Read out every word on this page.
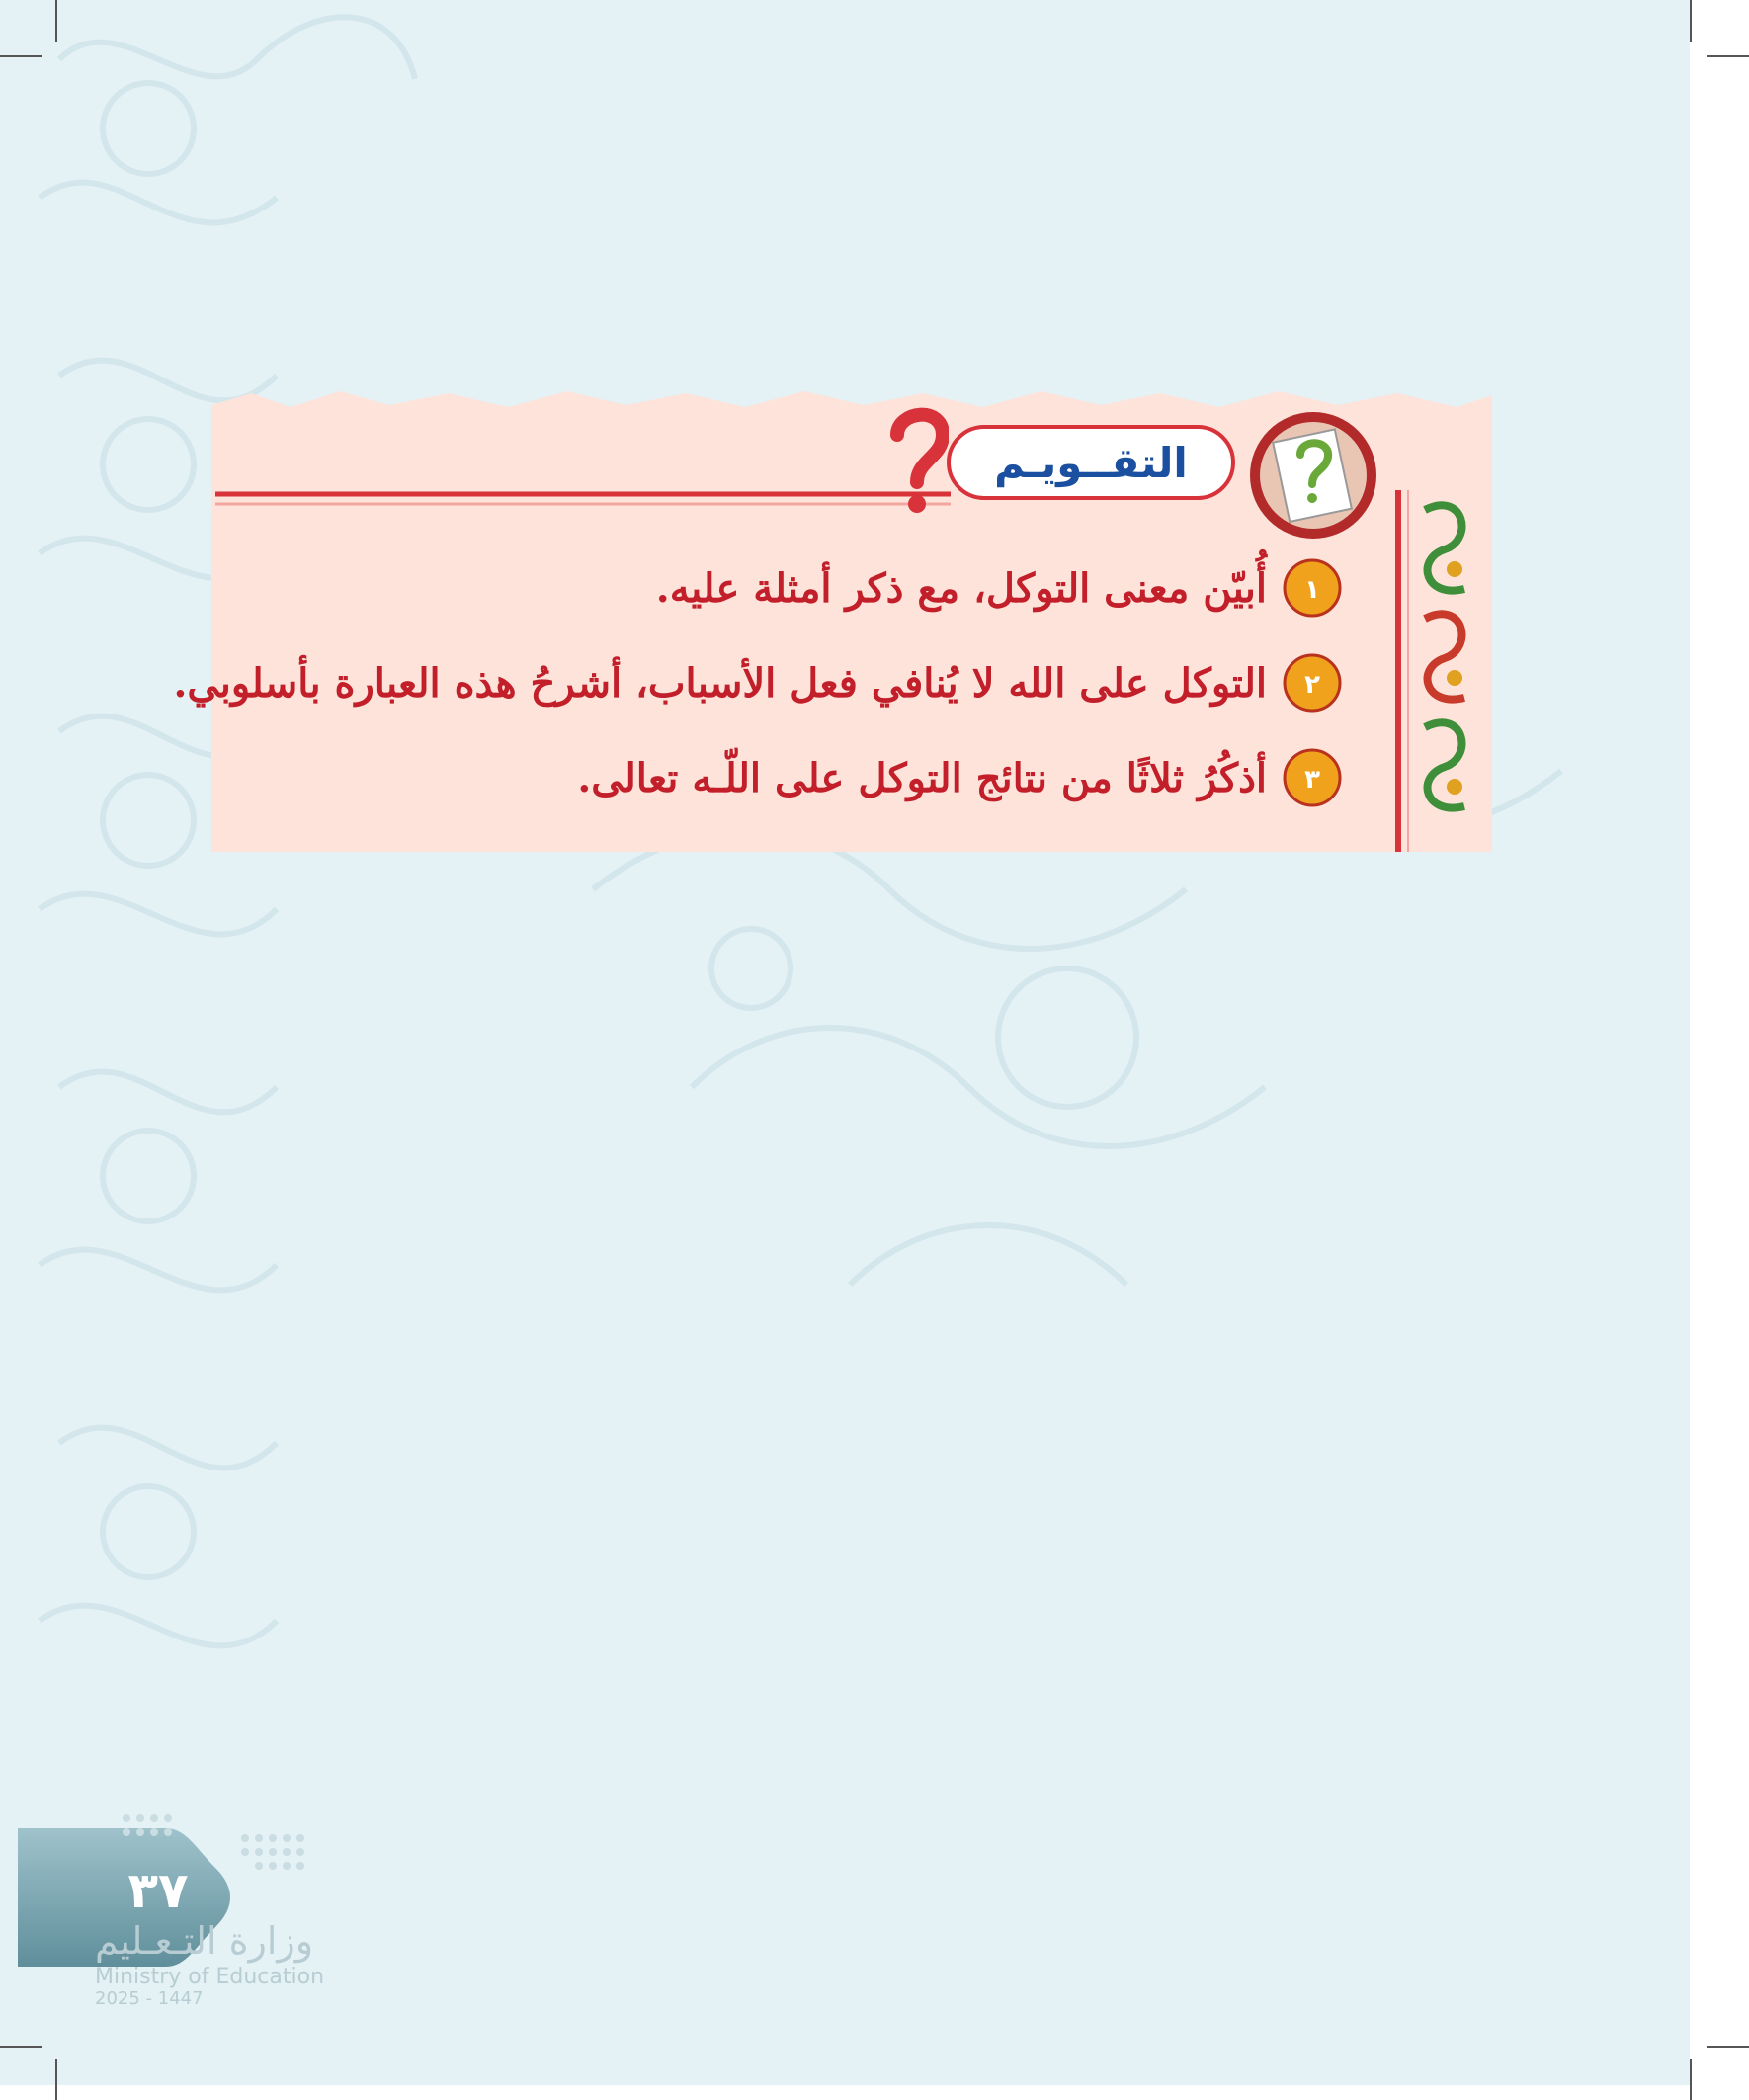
التقــويـم
١
أُبيّن معنى التوكل، مع ذكر أمثلة عليه.
٢
التوكل على الله لا يُنافي فعل الأسباب، أشرحُ هذه العبارة بأسلوبي.
٣
أذكُرُ ثلاثًا من نتائج التوكل على اللّـه تعالى.
٣٧
وزارة التـعـليم
Ministry of Education
2025 - 1447
